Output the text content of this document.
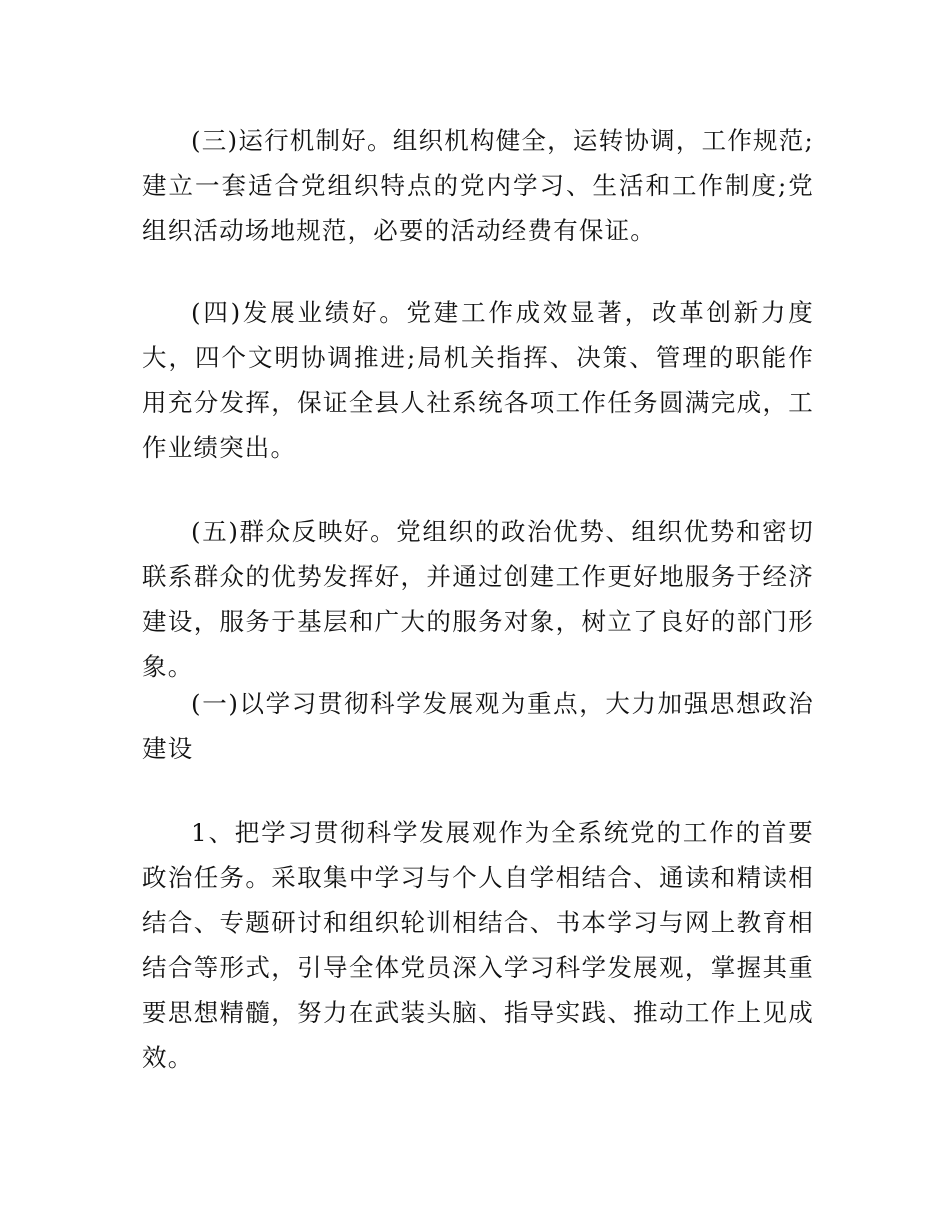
(三)运行机制好。组织机构健全，运转协调，工作规范;建立一套适合党组织特点的党内学习、生活和工作制度;党组织活动场地规范，必要的活动经费有保证。

(四)发展业绩好。党建工作成效显著，改革创新力度大，四个文明协调推进;局机关指挥、决策、管理的职能作用充分发挥，保证全县人社系统各项工作任务圆满完成，工作业绩突出。

(五)群众反映好。党组织的政治优势、组织优势和密切联系群众的优势发挥好，并通过创建工作更好地服务于经济建设，服务于基层和广大的服务对象，树立了良好的部门形象。

(一)以学习贯彻科学发展观为重点，大力加强思想政治建设

1、把学习贯彻科学发展观作为全系统党的工作的首要政治任务。采取集中学习与个人自学相结合、通读和精读相结合、专题研讨和组织轮训相结合、书本学习与网上教育相结合等形式，引导全体党员深入学习科学发展观，掌握其重要思想精髓，努力在武装头脑、指导实践、推动工作上见成效。
